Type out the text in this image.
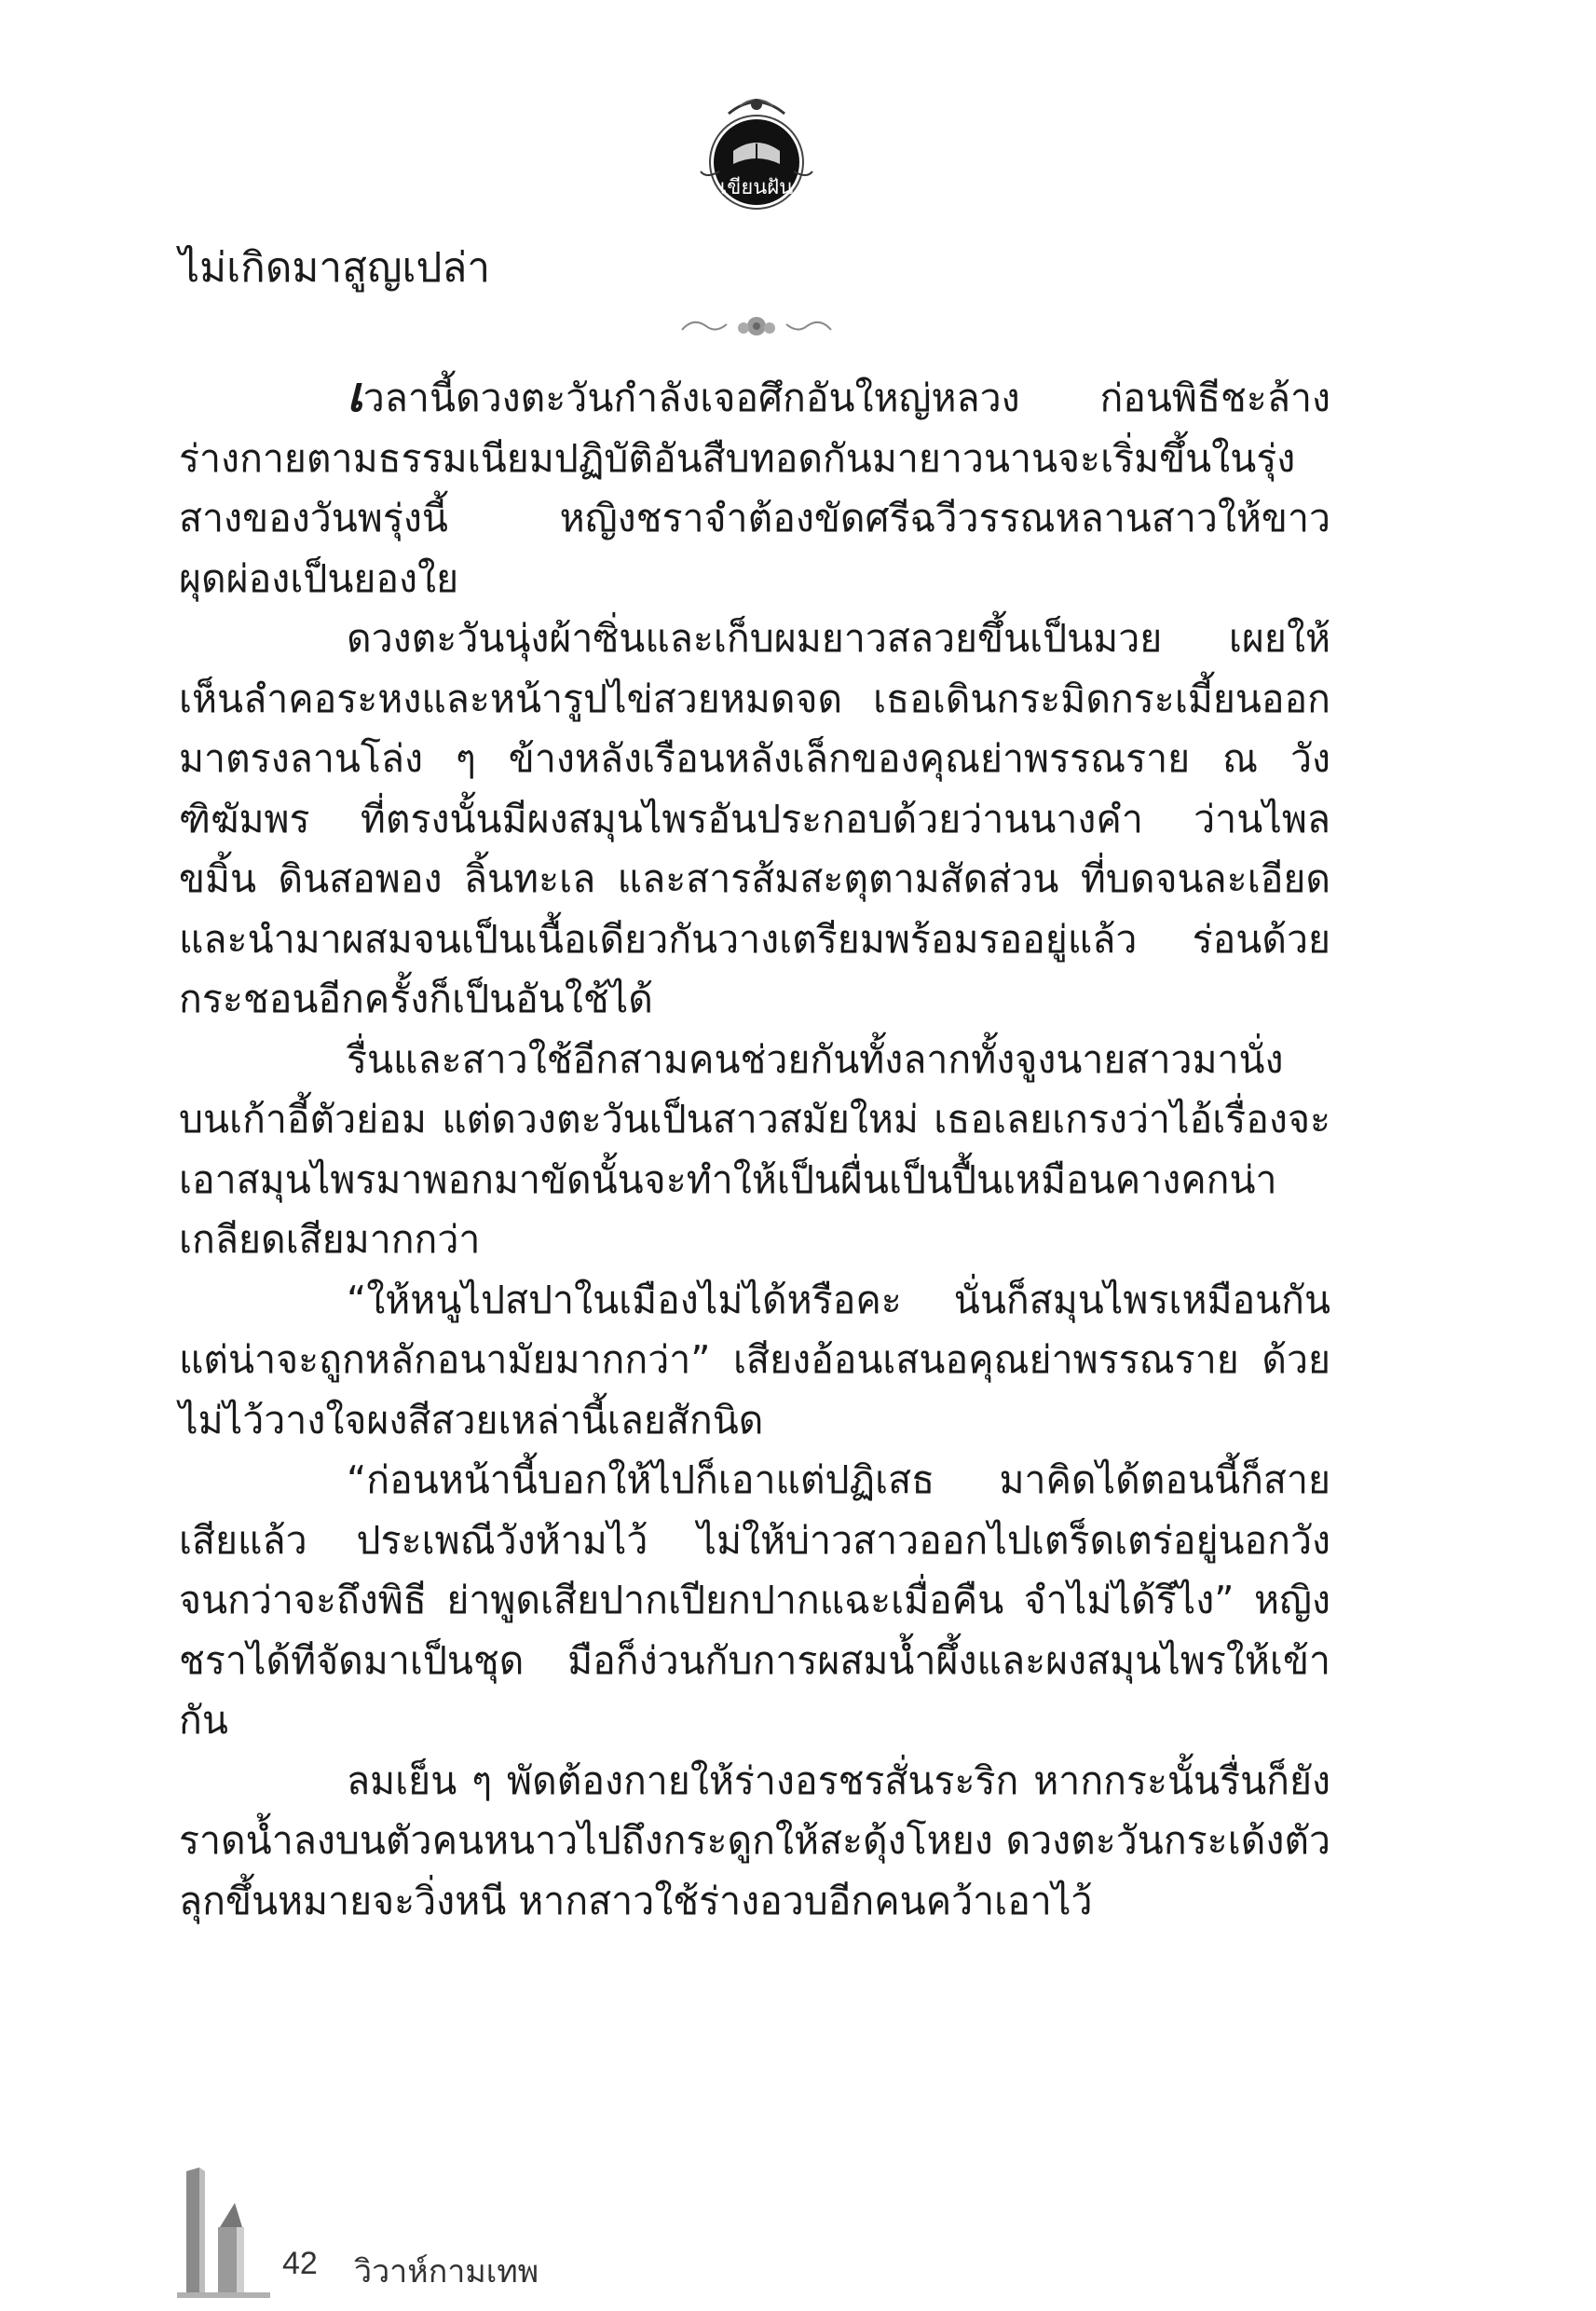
เขียนฝัน
ไม่เกิดมาสูญเปล่า

เวลานี้ดวงตะวันกำลังเจอศึกอันใหญ่หลวง ก่อนพิธีชะล้างร่างกายตามธรรมเนียมปฏิบัติอันสืบทอดกันมายาวนานจะเริ่มขึ้นในรุ่งสางของวันพรุ่งนี้ หญิงชราจำต้องขัดศรีฉวีวรรณหลานสาวให้ขาวผุดผ่องเป็นยองใย

ดวงตะวันนุ่งผ้าซิ่นและเก็บผมยาวสลวยขึ้นเป็นมวย เผยให้เห็นลำคอระหงและหน้ารูปไข่สวยหมดจด เธอเดินกระมิดกระเมี้ยนออกมาตรงลานโล่ง ๆ ข้างหลังเรือนหลังเล็กของคุณย่าพรรณราย ณ วังฑิฆัมพร ที่ตรงนั้นมีผงสมุนไพรอันประกอบด้วยว่านนางคำ ว่านไพล ขมิ้น ดินสอพอง ลิ้นทะเล และสารส้มสะตุตามสัดส่วน ที่บดจนละเอียดและนำมาผสมจนเป็นเนื้อเดียวกันวางเตรียมพร้อมรออยู่แล้ว ร่อนด้วยกระชอนอีกครั้งก็เป็นอันใช้ได้

รื่นและสาวใช้อีกสามคนช่วยกันทั้งลากทั้งจูงนายสาวมานั่งบนเก้าอี้ตัวย่อม แต่ดวงตะวันเป็นสาวสมัยใหม่ เธอเลยเกรงว่าไอ้เรื่องจะเอาสมุนไพรมาพอกมาขัดนั้นจะทำให้เป็นผื่นเป็นปื้นเหมือนคางคกน่าเกลียดเสียมากกว่า

“ให้หนูไปสปาในเมืองไม่ได้หรือคะ นั่นก็สมุนไพรเหมือนกัน แต่น่าจะถูกหลักอนามัยมากกว่า” เสียงอ้อนเสนอคุณย่าพรรณราย ด้วยไม่ไว้วางใจผงสีสวยเหล่านี้เลยสักนิด

“ก่อนหน้านี้บอกให้ไปก็เอาแต่ปฏิเสธ มาคิดได้ตอนนี้ก็สายเสียแล้ว ประเพณีวังห้ามไว้ ไม่ให้บ่าวสาวออกไปเตร็ดเตร่อยู่นอกวังจนกว่าจะถึงพิธี ย่าพูดเสียปากเปียกปากแฉะเมื่อคืน จำไม่ได้รึไง” หญิงชราได้ทีจัดมาเป็นชุด มือก็ง่วนกับการผสมน้ำผึ้งและผงสมุนไพรให้เข้ากัน

ลมเย็น ๆ พัดต้องกายให้ร่างอรชรสั่นระริก หากกระนั้นรื่นก็ยังราดน้ำลงบนตัวคนหนาวไปถึงกระดูกให้สะดุ้งโหยง ดวงตะวันกระเด้งตัวลุกขึ้นหมายจะวิ่งหนี หากสาวใช้ร่างอวบอีกคนคว้าเอาไว้

42 วิวาห์กามเทพ
